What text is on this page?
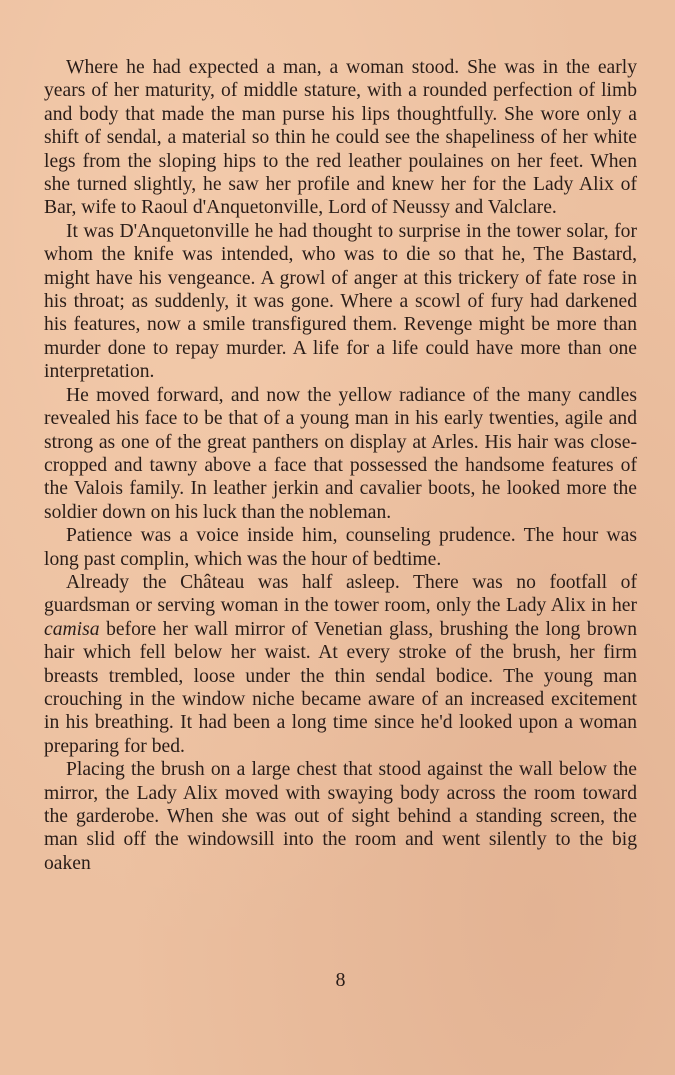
Where he had expected a man, a woman stood. She was in the early years of her maturity, of middle stature, with a rounded perfection of limb and body that made the man purse his lips thoughtfully. She wore only a shift of sendal, a material so thin he could see the shapeliness of her white legs from the sloping hips to the red leather poulaines on her feet. When she turned slightly, he saw her profile and knew her for the Lady Alix of Bar, wife to Raoul d'Anquetonville, Lord of Neussy and Valclare.

It was D'Anquetonville he had thought to surprise in the tower solar, for whom the knife was intended, who was to die so that he, The Bastard, might have his vengeance. A growl of anger at this trickery of fate rose in his throat; as suddenly, it was gone. Where a scowl of fury had darkened his features, now a smile transfigured them. Revenge might be more than murder done to repay murder. A life for a life could have more than one interpretation.

He moved forward, and now the yellow radiance of the many candles revealed his face to be that of a young man in his early twenties, agile and strong as one of the great panthers on display at Arles. His hair was close-cropped and tawny above a face that possessed the handsome features of the Valois family. In leather jerkin and cavalier boots, he looked more the soldier down on his luck than the nobleman.

Patience was a voice inside him, counseling prudence. The hour was long past complin, which was the hour of bedtime.

Already the Château was half asleep. There was no footfall of guardsman or serving woman in the tower room, only the Lady Alix in her camisa before her wall mirror of Venetian glass, brushing the long brown hair which fell below her waist. At every stroke of the brush, her firm breasts trembled, loose under the thin sendal bodice. The young man crouching in the window niche became aware of an increased excitement in his breathing. It had been a long time since he'd looked upon a woman preparing for bed.

Placing the brush on a large chest that stood against the wall below the mirror, the Lady Alix moved with swaying body across the room toward the garderobe. When she was out of sight behind a standing screen, the man slid off the windowsill into the room and went silently to the big oaken

8
